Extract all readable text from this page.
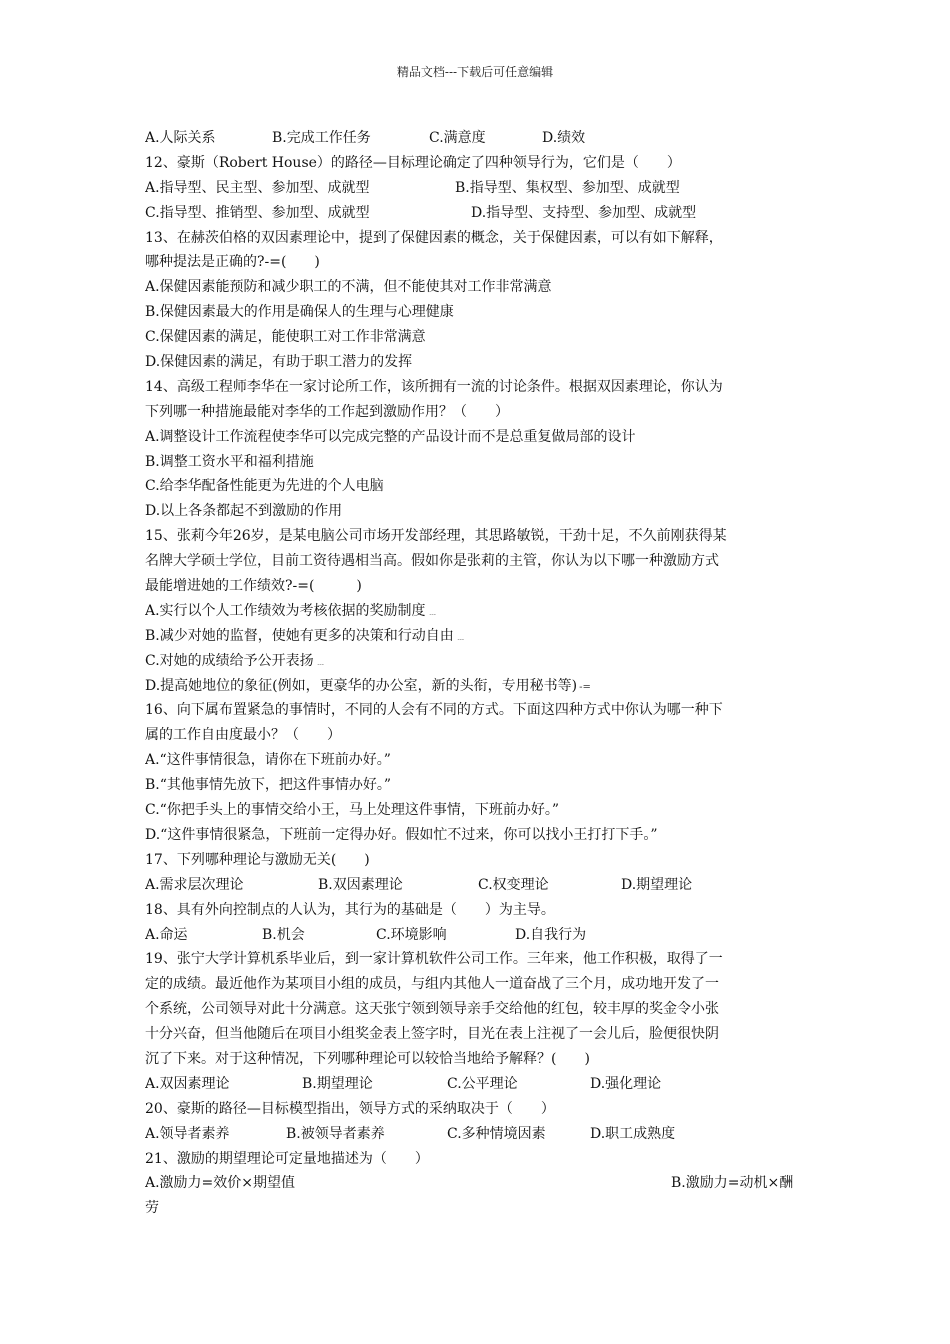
精品文档---下载后可任意编辑
A.人际关系	B.完成工作任务	C.满意度	D.绩效
12、豪斯（Robert House）的路径—目标理论确定了四种领导行为，它们是（　　）
A.指导型、民主型、参加型、成就型	B.指导型、集权型、参加型、成就型
C.指导型、推销型、参加型、成就型	D.指导型、支持型、参加型、成就型
13、在赫茨伯格的双因素理论中，提到了保健因素的概念，关于保健因素，可以有如下解释，
哪种提法是正确的?-=(　　)
A.保健因素能预防和减少职工的不满，但不能使其对工作非常满意
B.保健因素最大的作用是确保人的生理与心理健康
C.保健因素的满足，能使职工对工作非常满意
D.保健因素的满足，有助于职工潜力的发挥
14、高级工程师李华在一家讨论所工作，该所拥有一流的讨论条件。根据双因素理论，你认为
下列哪一种措施最能对李华的工作起到激励作用？（　　）
A.调整设计工作流程使李华可以完成完整的产品设计而不是总重复做局部的设计
B.调整工资水平和福利措施
C.给李华配备性能更为先进的个人电脑
D.以上各条都起不到激励的作用
15、张莉今年26岁，是某电脑公司市场开发部经理，其思路敏锐，干劲十足，不久前刚获得某
名牌大学硕士学位，目前工资待遇相当高。假如你是张莉的主管，你认为以下哪一种激励方式
最能增进她的工作绩效?-=(　　　)
A.实行以个人工作绩效为考核依据的奖励制度 ﹍
B.减少对她的监督，使她有更多的决策和行动自由 ﹍
C.对她的成绩给予公开表扬 ﹍
D.提高她地位的象征(例如，更豪华的办公室，新的头衔，专用秘书等) -=
16、向下属布置紧急的事情时，不同的人会有不同的方式。下面这四种方式中你认为哪一种下
属的工作自由度最小？（　　）
A.“这件事情很急，请你在下班前办好。”
B.“其他事情先放下，把这件事情办好。”
C.“你把手头上的事情交给小王，马上处理这件事情，下班前办好。”
D.“这件事情很紧急，下班前一定得办好。假如忙不过来，你可以找小王打打下手。”
17、下列哪种理论与激励无关(　　)
A.需求层次理论	B.双因素理论	C.权变理论	D.期望理论
18、具有外向控制点的人认为，其行为的基础是（　　）为主导。
A.命运	B.机会	C.环境影响	D.自我行为
19、张宁大学计算机系毕业后，到一家计算机软件公司工作。三年来，他工作积极，取得了一
定的成绩。最近他作为某项目小组的成员，与组内其他人一道奋战了三个月，成功地开发了一
个系统，公司领导对此十分满意。这天张宁领到领导亲手交给他的红包，较丰厚的奖金令小张
十分兴奋，但当他随后在项目小组奖金表上签字时，目光在表上注视了一会儿后，脸便很快阴
沉了下来。对于这种情况，下列哪种理论可以较恰当地给予解释？(　　)
A.双因素理论	B.期望理论	C.公平理论	D.强化理论
20、豪斯的路径—目标模型指出，领导方式的采纳取决于（　　）
A.领导者素养	B.被领导者素养	C.多种情境因素	D.职工成熟度
21、激励的期望理论可定量地描述为（　　）
A.激励力=效价×期望值	B.激励力=动机×酬
劳
